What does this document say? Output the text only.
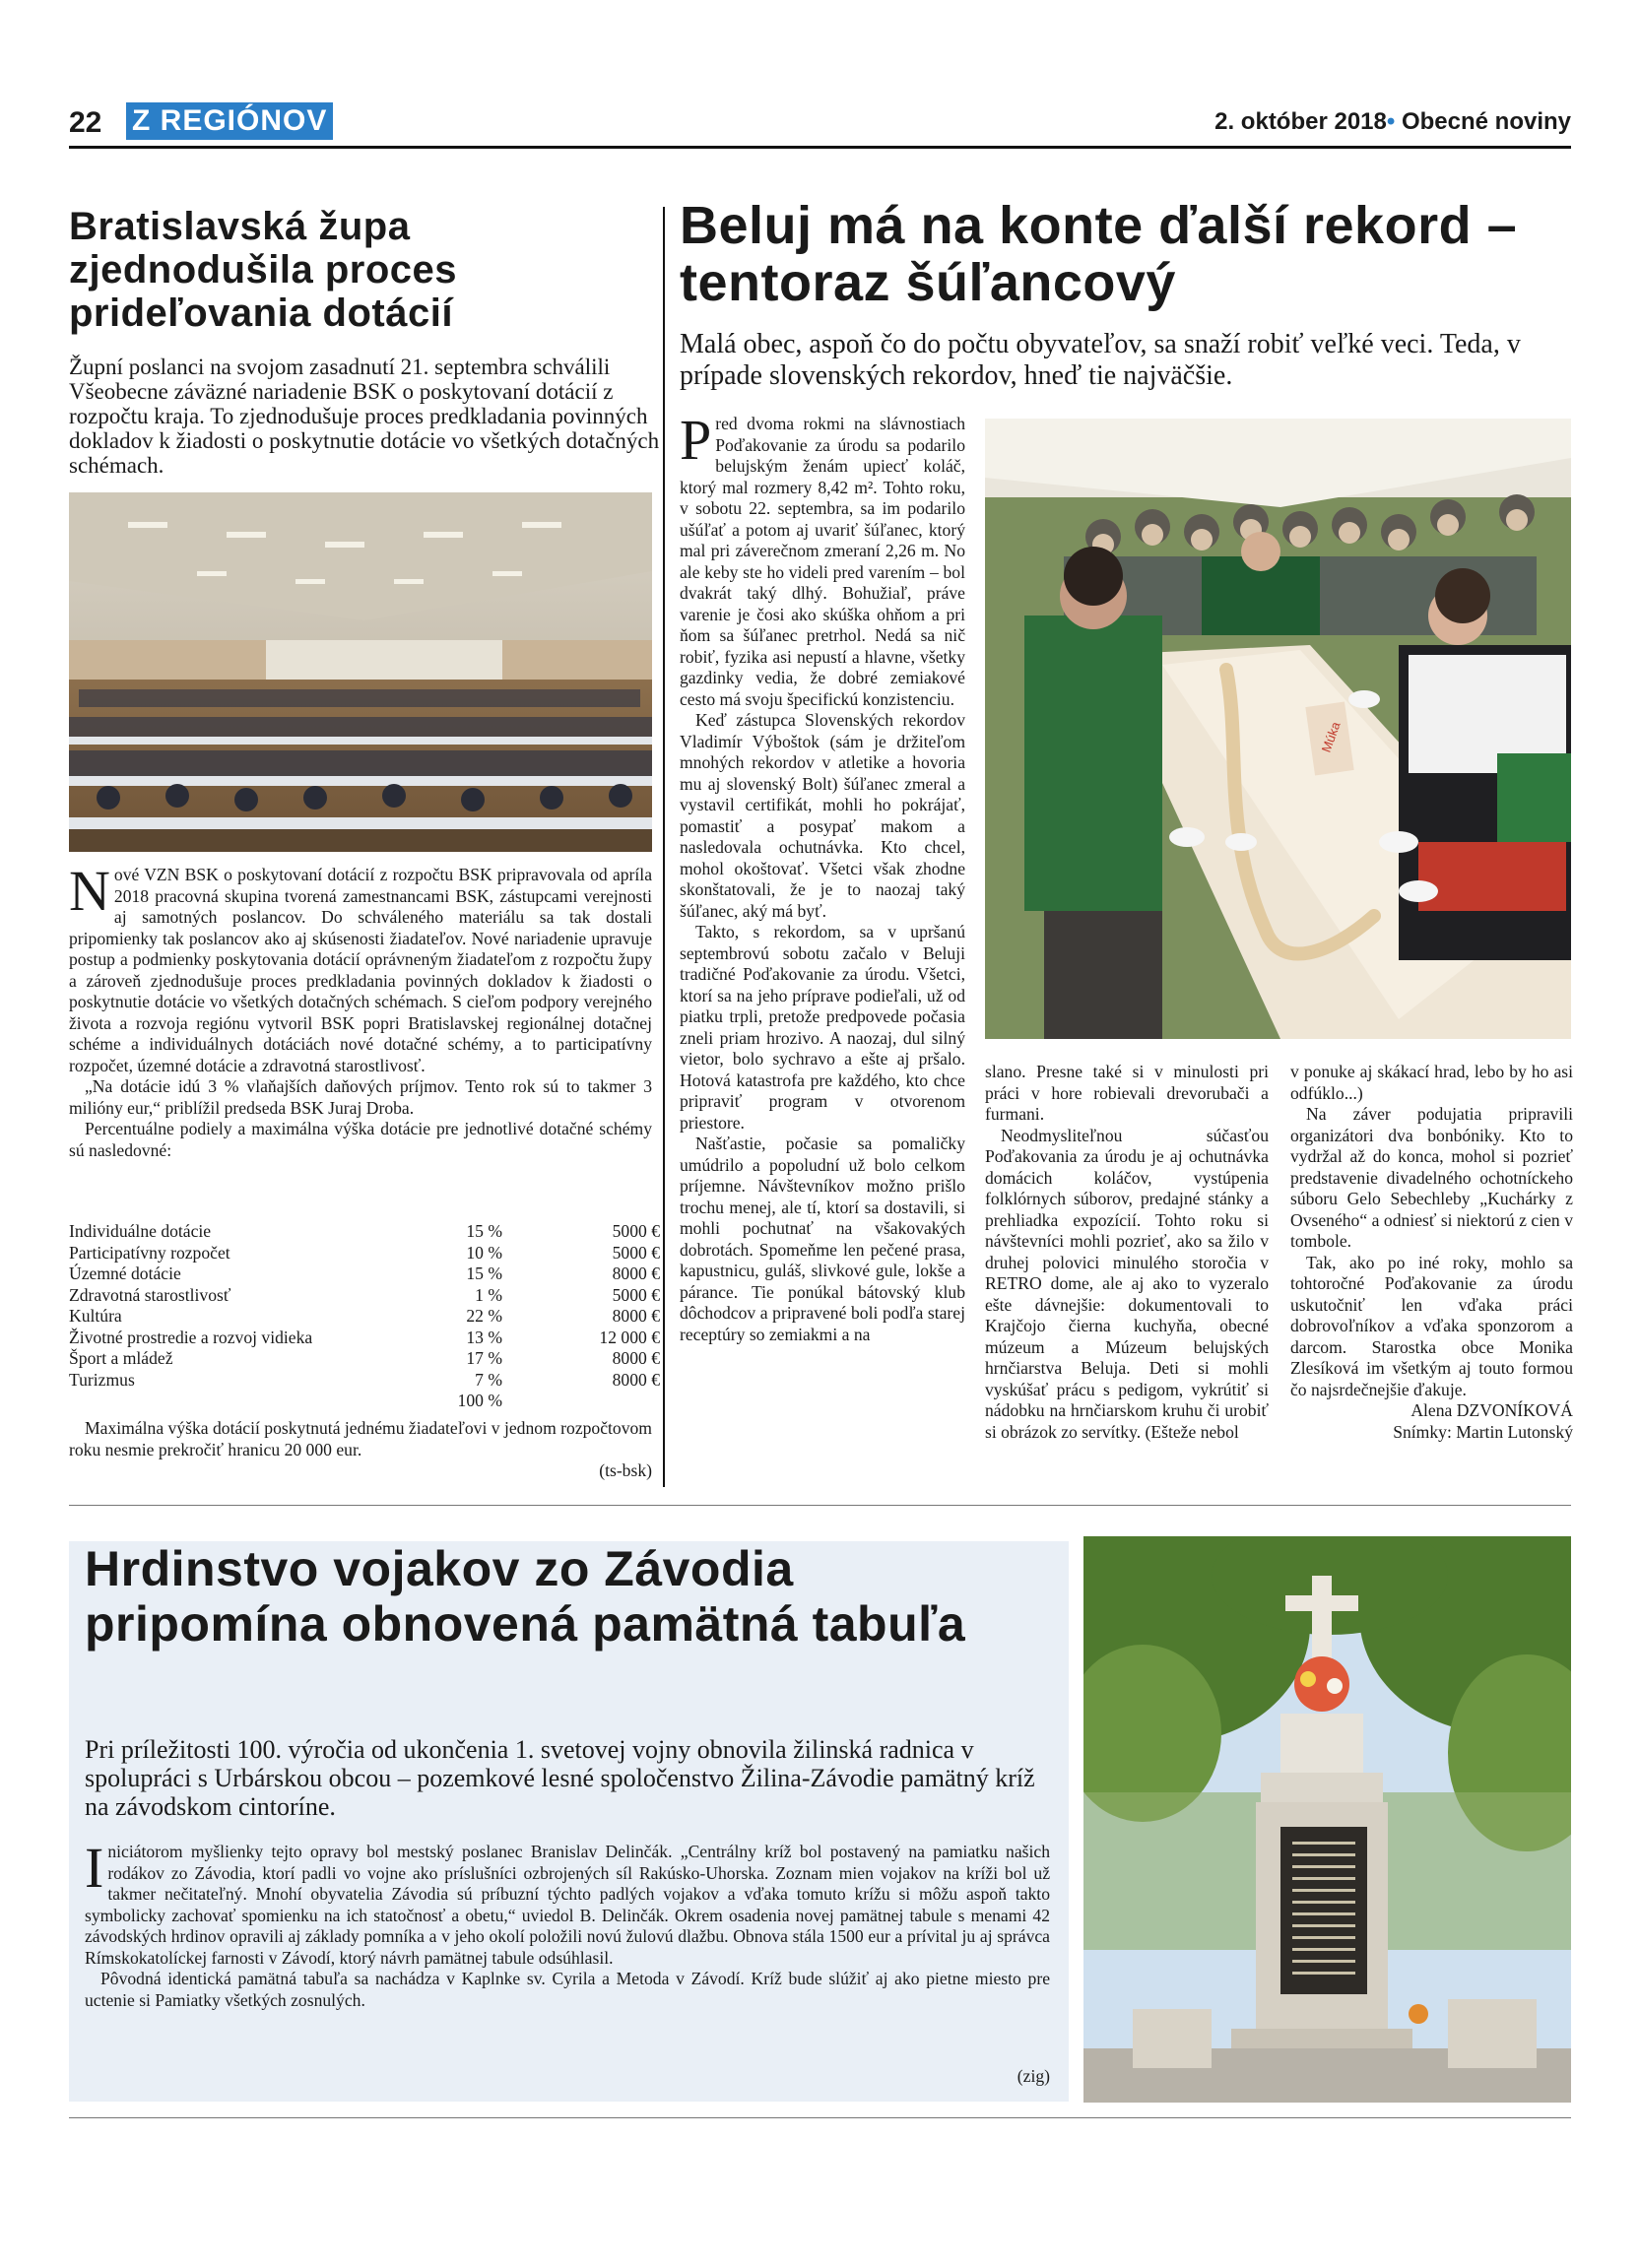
22 Z REGIÓNOV	2. október 2018• Obecné noviny
Bratislavská župa zjednodušila proces prideľovania dotácií
Župní poslanci na svojom zasadnutí 21. septembra schválili Všeobecne záväzné nariadenie BSK o poskytovaní dotácií z rozpočtu kraja. To zjednodušuje proces predkladania povinných dokladov k žiadosti o poskytnutie dotácie vo všetkých dotačných schémach.

Nové VZN BSK o poskytovaní dotácií z rozpočtu BSK pripravovala od apríla 2018 pracovná skupina tvorená zamestnancami BSK, zástupcami verejnosti aj samotných poslancov. Do schváleného materiálu sa tak dostali pripomienky tak poslancov ako aj skúsenosti žiadateľov. Nové nariadenie upravuje postup a podmienky poskytovania dotácií oprávneným žiadateľom z rozpočtu župy a zároveň zjednodušuje proces predkladania povinných dokladov k žiadosti o poskytnutie dotácie vo všetkých dotačných schémach. S cieľom podpory verejného života a rozvoja regiónu vytvoril BSK popri Bratislavskej regionálnej dotačnej schéme a individuálnych dotáciách nové dotačné schémy, a to participatívny rozpočet, územné dotácie a zdravotná starostlivosť.

„Na dotácie idú 3 % vlaňajších daňových príjmov. Tento rok sú to takmer 3 milióny eur,“ priblížil predseda BSK Juraj Droba.

Percentuálne podiely a maximálna výška dotácie pre jednotlivé dotačné schémy sú nasledovné:

Individuálne dotácie	15 %	5000 €
Participatívny rozpočet	10 %	5000 €
Územné dotácie	15 %	8000 €
Zdravotná starostlivosť	1 %	5000 €
Kultúra	22 %	8000 €
Životné prostredie a rozvoj vidieka	13 %	12 000 €
Šport a mládež	17 %	8000 €
Turizmus	7 %	8000 €
	100 %	

Maximálna výška dotácií poskytnutá jednému žiadateľovi v jednom rozpočtovom roku nesmie prekročiť hranicu 20 000 eur.

(ts-bsk)
Beluj má na konte ďalší rekord – tentoraz šúľancový
Malá obec, aspoň čo do počtu obyvateľov, sa snaží robiť veľké veci. Teda, v prípade slovenských rekordov, hneď tie najväčšie.

Pred dvoma rokmi na slávnostiach Poďakovanie za úrodu sa podarilo belujským ženám upiecť koláč, ktorý mal rozmery 8,42 m². Tohto roku, v sobotu 22. septembra, sa im podarilo ušúľať a potom aj uvariť šúľanec, ktorý mal pri záverečnom zmeraní 2,26 m. No ale keby ste ho videli pred varením – bol dvakrát taký dlhý. Bohužiaľ, práve varenie je čosi ako skúška ohňom a pri ňom sa šúľanec pretrhol. Nedá sa nič robiť, fyzika asi nepustí a hlavne, všetky gazdinky vedia, že dobré zemiakové cesto má svoju špecifickú konzistenciu.

Keď zástupca Slovenských rekordov Vladimír Výboštok (sám je držiteľom mnohých rekordov v atletike a hovoria mu aj slovenský Bolt) šúľanec zmeral a vystavil certifikát, mohli ho pokrájať, pomastiť a posypať makom a nasledovala ochutnávka. Kto chcel, mohol okoštovať. Všetci však zhodne skonštatovali, že je to naozaj taký šúľanec, aký má byť.

Takto, s rekordom, sa v upršanú septembrovú sobotu začalo v Beluji tradičné Poďakovanie za úrodu. Všetci, ktorí sa na jeho príprave podieľali, už od piatku trpli, pretože predpovede počasia zneli priam hrozivo. A naozaj, dul silný vietor, bolo sychravo a ešte aj pršalo. Hotová katastrofa pre každého, kto chce pripraviť program v otvorenom priestore.

Našťastie, počasie sa pomaličky umúdrilo a popoludní už bolo celkom príjemne. Návštevníkov možno prišlo trochu menej, ale tí, ktorí sa dostavili, si mohli pochutnať na všakovakých dobrotách. Spomeňme len pečené prasa, kapustnicu, guláš, slivkové gule, lokše a párance. Tie ponúkal bátovský klub dôchodcov a pripravené boli podľa starej receptúry so zemiakmi a na

Múka

slano. Presne také si v minulosti pri práci v hore robievali drevorubači a furmani.

Neodmysliteľnou súčasťou Poďakovania za úrodu je aj ochutnávka domácich koláčov, vystúpenia folklórnych súborov, predajné stánky a prehliadka expozícií. Tohto roku si návštevníci mohli pozrieť, ako sa žilo v druhej polovici minulého storočia v RETRO dome, ale aj ako to vyzeralo ešte dávnejšie: dokumentovali to Krajčojo čierna kuchyňa, obecné múzeum a Múzeum belujských hrnčiarstva Beluja. Deti si mohli vyskúšať prácu s pedigom, vykrútiť si nádobku na hrnčiarskom kruhu či urobiť si obrázok zo servítky. (Ešteže nebol

v ponuke aj skákací hrad, lebo by ho asi odfúklo...)

Na záver podujatia pripravili organizátori dva bonbóniky. Kto to vydržal až do konca, mohol si pozrieť predstavenie divadelného ochotníckeho súboru Gelo Sebechleby „Kuchárky z Ovseného“ a odniesť si niektorú z cien v tombole.

Tak, ako po iné roky, mohlo sa tohtoročné Poďakovanie za úrodu uskutočniť len vďaka práci dobrovoľníkov a vďaka sponzorom a darcom. Starostka obce Monika Zlesíková im všetkým aj touto formou čo najsrdečnejšie ďakuje.

Alena DZVONÍKOVÁ
Snímky: Martin Lutonský
Hrdinstvo vojakov zo Závodia pripomína obnovená pamätná tabuľa
Pri príležitosti 100. výročia od ukončenia 1. svetovej vojny obnovila žilinská radnica v spolupráci s Urbárskou obcou – pozemkové lesné spoločenstvo Žilina-Závodie pamätný kríž na závodskom cintoríne.

Iniciátorom myšlienky tejto opravy bol mestský poslanec Branislav Delinčák. „Centrálny kríž bol postavený na pamiatku našich rodákov zo Závodia, ktorí padli vo vojne ako príslušníci ozbrojených síl Rakúsko-Uhorska. Zoznam mien vojakov na kríži bol už takmer nečitateľný. Mnohí obyvatelia Závodia sú príbuzní týchto padlých vojakov a vďaka tomuto krížu si môžu aspoň takto symbolicky zachovať spomienku na ich statočnosť a obetu,“ uviedol B. Delinčák. Okrem osadenia novej pamätnej tabule s menami 42 závodských hrdinov opravili aj základy pomníka a v jeho okolí položili novú žulovú dlažbu. Obnova stála 1500 eur a prívital ju aj správca Rímskokatolíckej farnosti v Závodí, ktorý návrh pamätnej tabule odsúhlasil.

Pôvodná identická pamätná tabuľa sa nachádza v Kaplnke sv. Cyrila a Metoda v Závodí. Kríž bude slúžiť aj ako pietne miesto pre uctenie si Pamiatky všetkých zosnulých.

(zig)
